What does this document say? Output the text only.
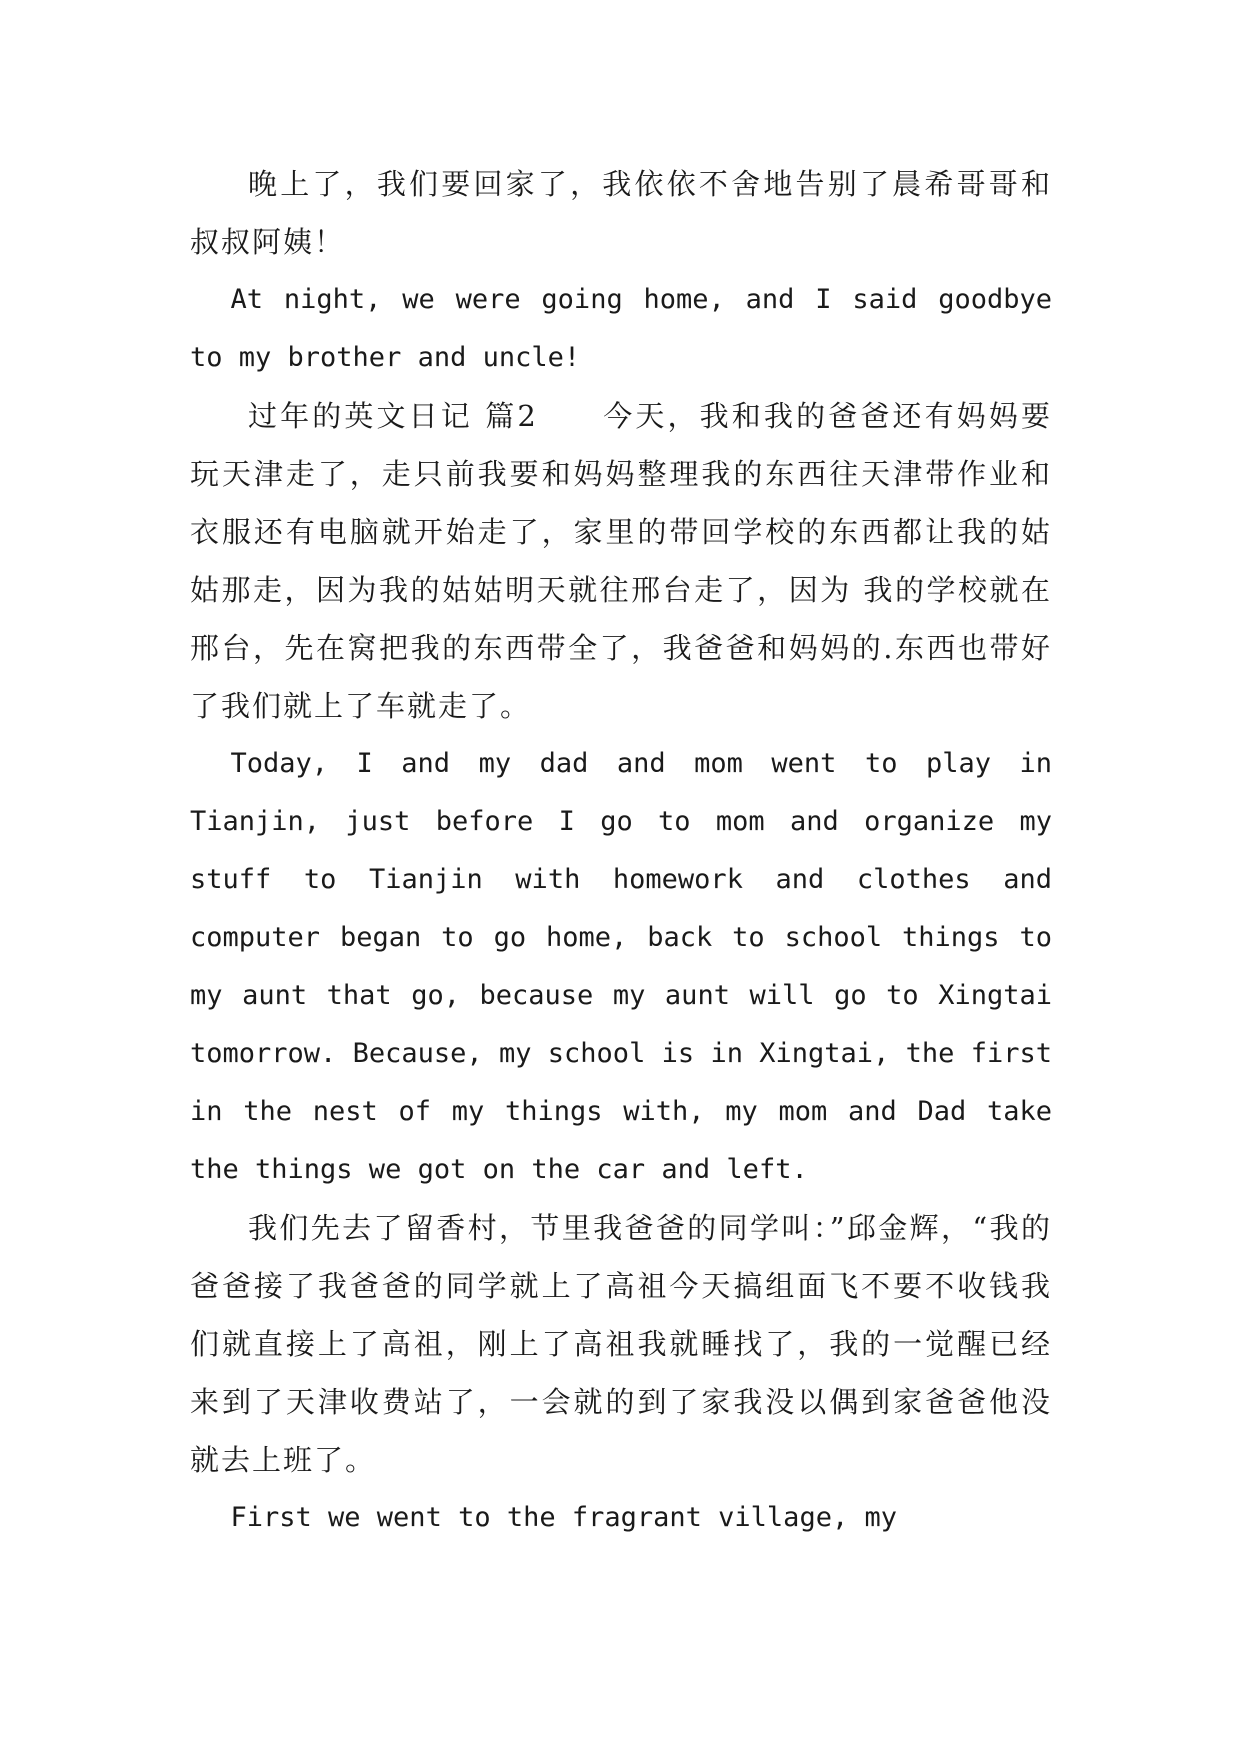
晚上了，我们要回家了，我依依不舍地告别了晨希哥哥和叔叔阿姨！

At night, we were going home, and I said goodbye to my brother and uncle!

过年的英文日记 篇2　　今天，我和我的爸爸还有妈妈要玩天津走了，走只前我要和妈妈整理我的东西往天津带作业和衣服还有电脑就开始走了，家里的带回学校的东西都让我的姑姑那走，因为我的姑姑明天就往邢台走了，因为 我的学校就在邢台，先在窝把我的东西带全了，我爸爸和妈妈的.东西也带好了我们就上了车就走了。

Today, I and my dad and mom went to play in Tianjin, just before I go to mom and organize my stuff to Tianjin with homework and clothes and computer began to go home, back to school things to my aunt that go, because my aunt will go to Xingtai tomorrow. Because, my school is in Xingtai, the first in the nest of my things with, my mom and Dad take the things we got on the car and left.

我们先去了留香村，节里我爸爸的同学叫：”邱金辉，“我的爸爸接了我爸爸的同学就上了高祖今天搞组面飞不要不收钱我们就直接上了高祖，刚上了高祖我就睡找了，我的一觉醒已经来到了天津收费站了，一会就的到了家我没以偶到家爸爸他没就去上班了。

First we went to the fragrant village, my
